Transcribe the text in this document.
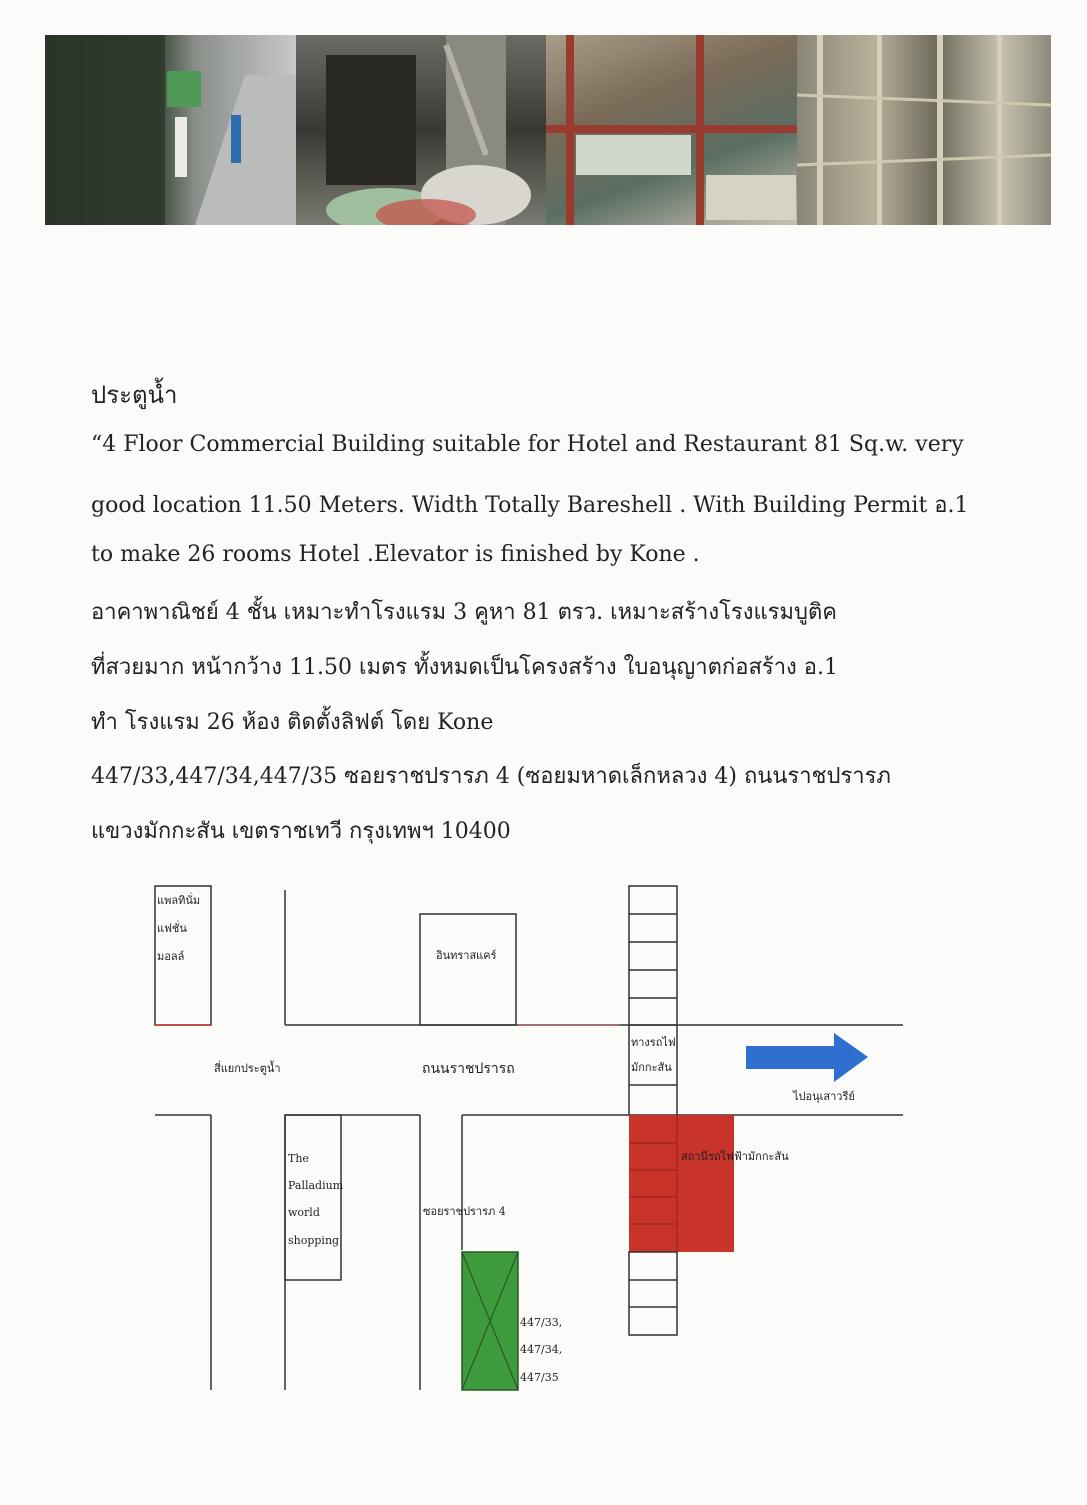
ประตูน้ำ
“4 Floor Commercial Building suitable for Hotel and Restaurant 81 Sq.w. very
good location 11.50 Meters. Width Totally Bareshell . With Building Permit อ.1
to make 26 rooms Hotel .Elevator is finished by Kone .
อาคาพาณิชย์ 4 ชั้น เหมาะทำโรงแรม 3 คูหา 81 ตรว. เหมาะสร้างโรงแรมบูติค
ที่สวยมาก หน้ากว้าง 11.50 เมตร ทั้งหมดเป็นโครงสร้าง ใบอนุญาตก่อสร้าง อ.1
ทำ โรงแรม 26 ห้อง ติดตั้งลิฟต์ โดย Kone
447/33,447/34,447/35 ซอยราชปรารภ 4 (ซอยมหาดเล็กหลวง 4) ถนนราชปรารภ
แขวงมักกะสัน เขตราชเทวี กรุงเทพฯ 10400
แพลทินั่ม
แฟชั่น
มอลล์	อินทราสแคร์
ทางรถไฟ
มักกะสัน
สี่แยกประตูน้ำ	ถนนราชปรารถ
ไปอนุเสาวรีย์
The
Palladium
world
shopping
ซอยราชปรารภ 4
สถานีรถไฟฟ้ามักกะสัน
447/33,
447/34,
447/35
